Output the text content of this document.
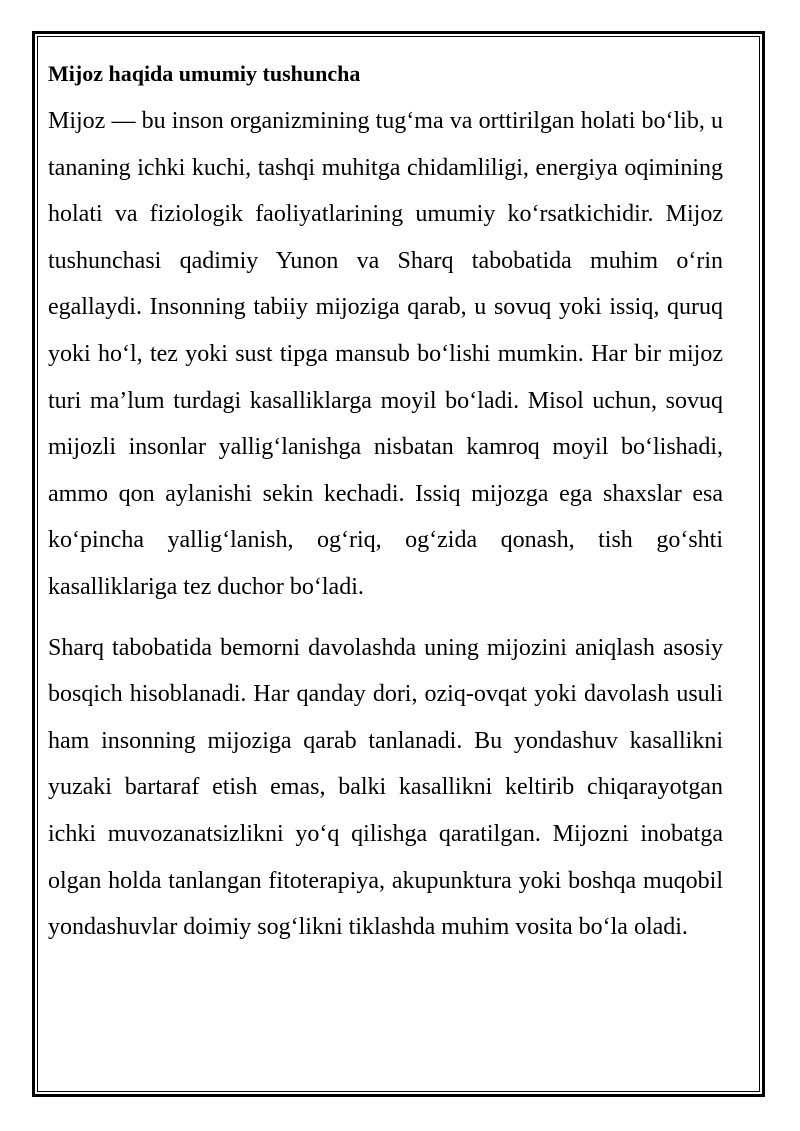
Mijoz haqida umumiy tushuncha

Mijoz — bu inson organizmining tug‘ma va orttirilgan holati bo‘lib, u tananing ichki kuchi, tashqi muhitga chidamliligi, energiya oqimining holati va fiziologik faoliyatlarining umumiy ko‘rsatkichidir. Mijoz tushunchasi qadimiy Yunon va Sharq tabobatida muhim o‘rin egallaydi. Insonning tabiiy mijoziga qarab, u sovuq yoki issiq, quruq yoki ho‘l, tez yoki sust tipga mansub bo‘lishi mumkin. Har bir mijoz turi ma’lum turdagi kasalliklarga moyil bo‘ladi. Misol uchun, sovuq mijozli insonlar yallig‘lanishga nisbatan kamroq moyil bo‘lishadi, ammo qon aylanishi sekin kechadi. Issiq mijozga ega shaxslar esa ko‘pincha yallig‘lanish, og‘riq, og‘zida qonash, tish go‘shti kasalliklariga tez duchor bo‘ladi.

Sharq tabobatida bemorni davolashda uning mijozini aniqlash asosiy bosqich hisoblanadi. Har qanday dori, oziq-ovqat yoki davolash usuli ham insonning mijoziga qarab tanlanadi. Bu yondashuv kasallikni yuzaki bartaraf etish emas, balki kasallikni keltirib chiqarayotgan ichki muvozanatsizlikni yo‘q qilishga qaratilgan. Mijozni inobatga olgan holda tanlangan fitoterapiya, akupunktura yoki boshqa muqobil yondashuvlar doimiy sog‘likni tiklashda muhim vosita bo‘la oladi.
